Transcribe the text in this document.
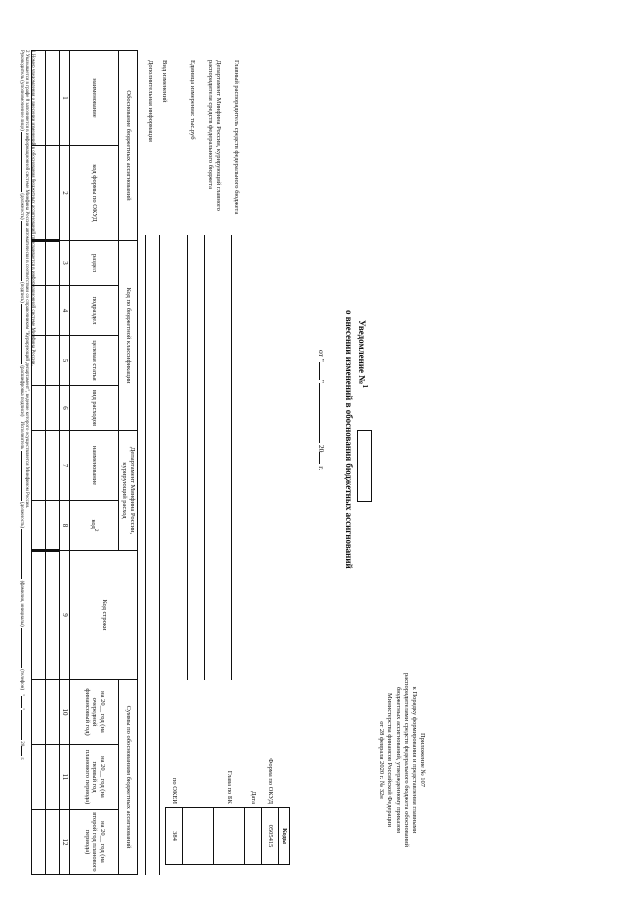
Приложение № 107
к Порядку формирования и представления главными
распорядителями средств федерального бюджета обоснований
бюджетных ассигнований, утвержденному приказом
Министерства финансов Российской Федерации
от 28 февраля 2020 г. № 32н
Уведомление №$^1$
о внесении изменений в обоснования бюджетных ассигнований
от "" 20 г.
	Коды
Форма по ОКУД	0505415
Дата	
Глава по БК	

по ОКЕИ	384
Главный распорядитель средств федерального бюджета
Департамент Минфина России, курирующий главного распорядителя средств федерального бюджета
Единица измерения: тыс.руб
Вид изменений
Дополнительная информация
Обоснование бюджетных ассигнований		Код по бюджетной классификации				Департамент Минфина России, курирующий расход		Код строки	Суммы по обоснованиям бюджетных ассигнований		
наименование	код формы по ОКУД	раздел	подраздел	целевая статья	вид расходов	наименование	код$^2$		на 20__ год (на очередной финансовый год)	на 20__ год (на первый год планового периода)	на 20__ год (на второй год планового периода)
1	2	3	4	5	6	7	8	9	10	11	12

1 Номер уведомления о внесении изменений в обоснования бюджетных ассигнований присваивается в информационной системе Минфина России.
2 Указывается в графе 8 заполняется в информационной системе Минфина России автоматически в соответствии со справочником "Курирующий департамент", ведение которого осуществляется Минфином России.
Руководитель (уполномоченное лицо)  (должность)  (подпись)  (расшифровка подписи)    Исполнитель  (должность)  (фамилия, инициалы)  (телефон)   "" 20 г.
